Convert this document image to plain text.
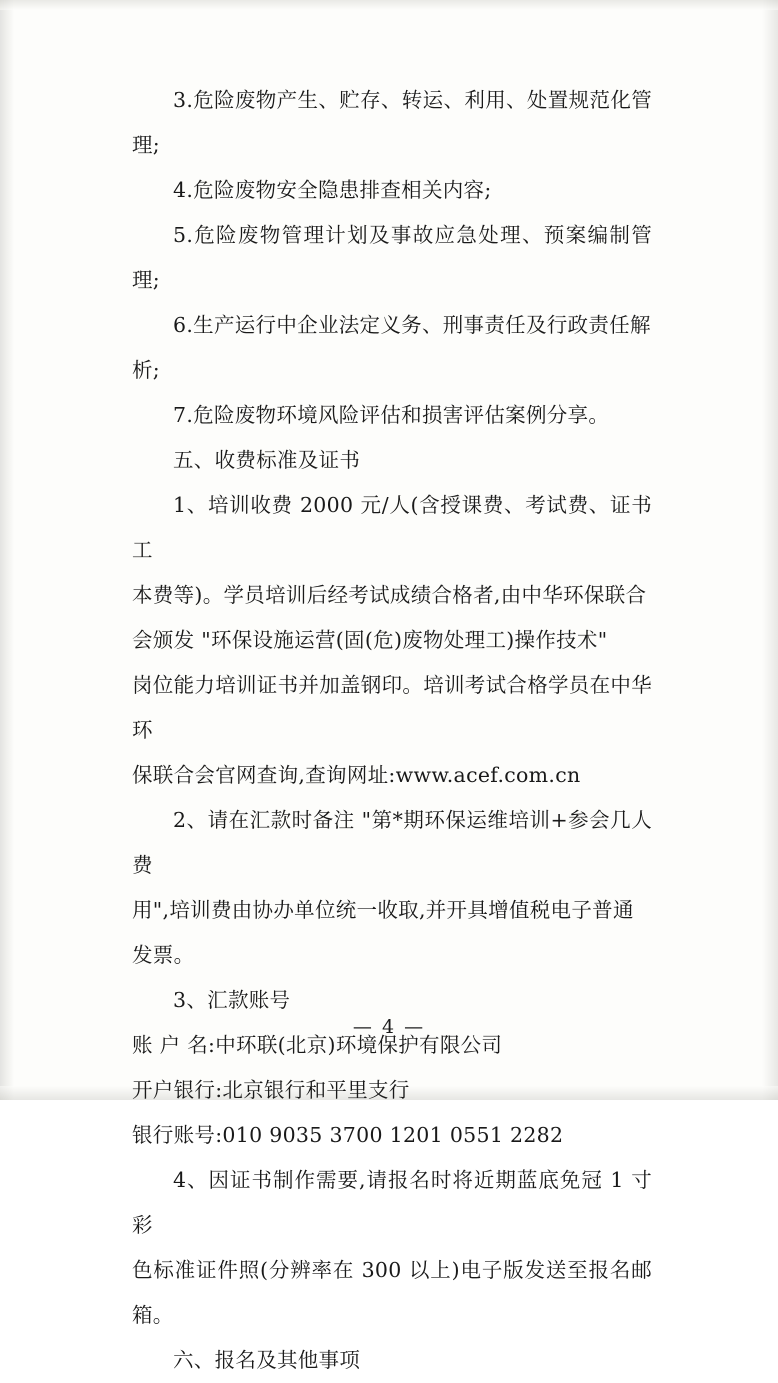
3.危险废物产生、贮存、转运、利用、处置规范化管理;

4.危险废物安全隐患排查相关内容;

5.危险废物管理计划及事故应急处理、预案编制管理;

6.生产运行中企业法定义务、刑事责任及行政责任解

析;

7.危险废物环境风险评估和损害评估案例分享。

五、收费标准及证书

1、培训收费 2000 元/人(含授课费、考试费、证书工

本费等)。学员培训后经考试成绩合格者,由中华环保联合

会颁发 "环保设施运营(固(危)废物处理工)操作技术"

岗位能力培训证书并加盖钢印。培训考试合格学员在中华环

保联合会官网查询,查询网址:www.acef.com.cn

2、请在汇款时备注 "第*期环保运维培训+参会几人费

用",培训费由协办单位统一收取,并开具增值税电子普通

发票。

3、汇款账号

账 户 名:中环联(北京)环境保护有限公司

开户银行:北京银行和平里支行

银行账号:010 9035 3700 1201 0551 2282

4、因证书制作需要,请报名时将近期蓝底免冠 1 寸彩

色标准证件照(分辨率在 300 以上)电子版发送至报名邮箱。

六、报名及其他事项

— 4 —
